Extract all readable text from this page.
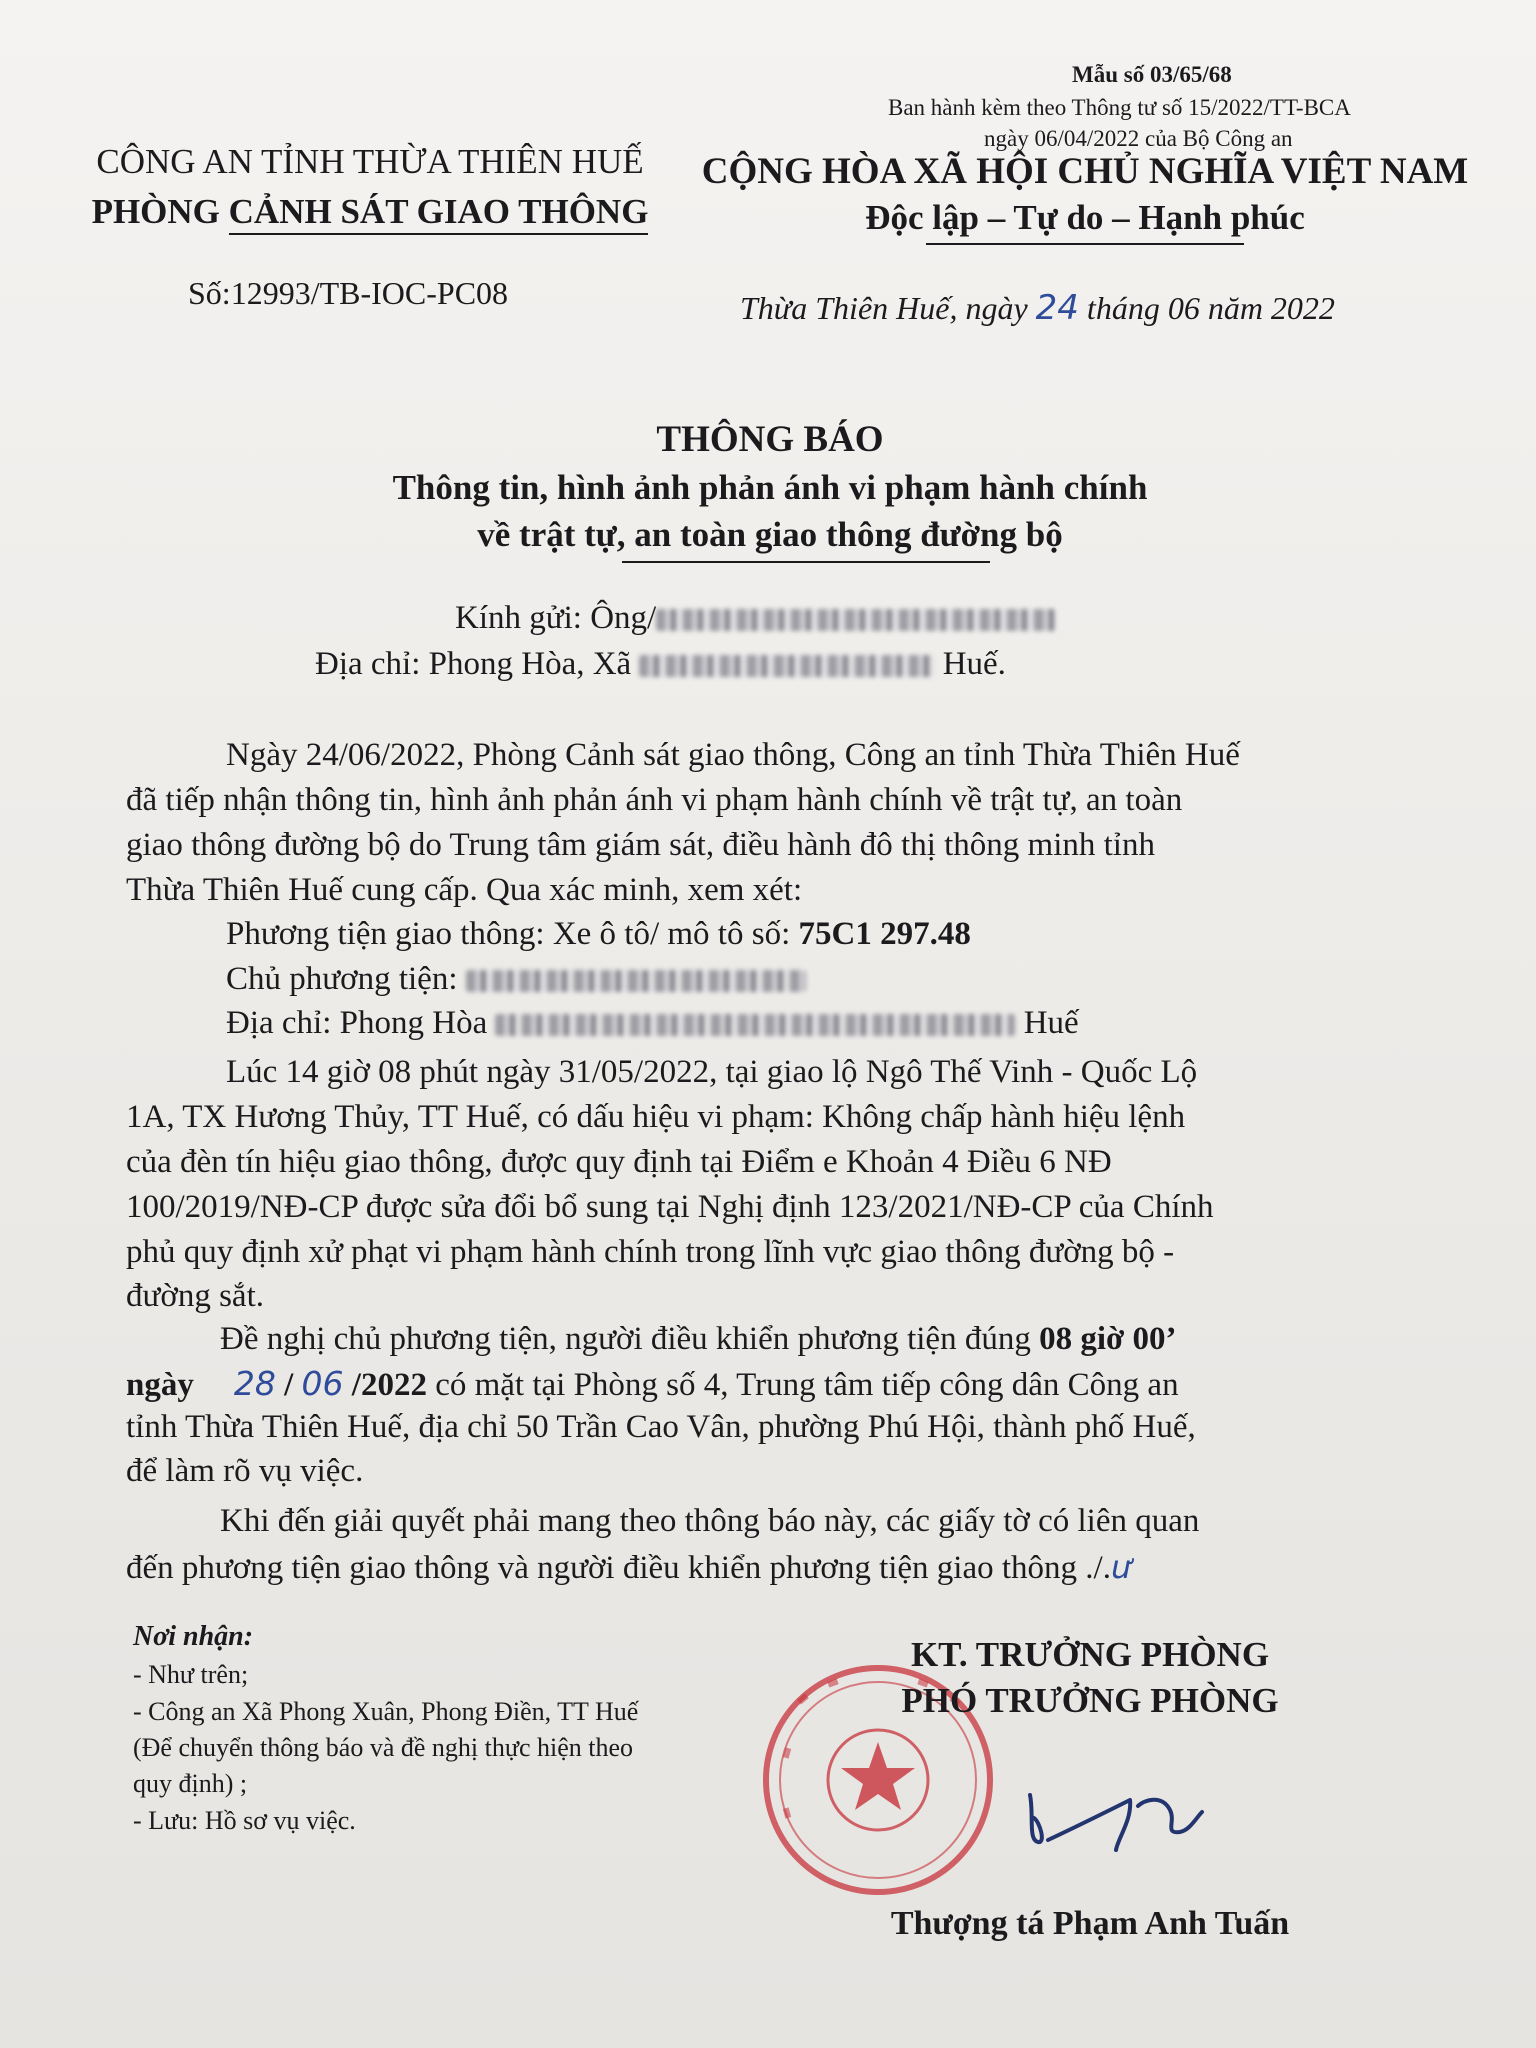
Mẫu số 03/65/68
Ban hành kèm theo Thông tư số 15/2022/TT-BCA
ngày 06/04/2022 của Bộ Công an
CÔNG AN TỈNH THỪA THIÊN HUẾ
PHÒNG CẢNH SÁT GIAO THÔNG
Số:12993/TB-IOC-PC08
CỘNG HÒA XÃ HỘI CHỦ NGHĨA VIỆT NAM
Độc lập – Tự do – Hạnh phúc
Thừa Thiên Huế, ngày 24 tháng 06 năm 2022
THÔNG BÁO
Thông tin, hình ảnh phản ánh vi phạm hành chính
về trật tự, an toàn giao thông đường bộ
Kính gửi: Ông/
Địa chỉ: Phong Hòa, Xã	Huế.
Ngày 24/06/2022, Phòng Cảnh sát giao thông, Công an tỉnh Thừa Thiên Huế
đã tiếp nhận thông tin, hình ảnh phản ánh vi phạm hành chính về trật tự, an toàn
giao thông đường bộ do Trung tâm giám sát, điều hành đô thị thông minh tỉnh
Thừa Thiên Huế cung cấp. Qua xác minh, xem xét:
Phương tiện giao thông: Xe ô tô/ mô tô số: 75C1 297.48
Chủ phương tiện:
Địa chỉ: Phong Hòa	Huế
Lúc 14 giờ 08 phút ngày 31/05/2022, tại giao lộ Ngô Thế Vinh - Quốc Lộ
1A, TX Hương Thủy, TT Huế, có dấu hiệu vi phạm: Không chấp hành hiệu lệnh
của đèn tín hiệu giao thông, được quy định tại Điểm e Khoản 4 Điều 6 NĐ
100/2019/NĐ-CP được sửa đổi bổ sung tại Nghị định 123/2021/NĐ-CP của Chính
phủ quy định xử phạt vi phạm hành chính trong lĩnh vực giao thông đường bộ -
đường sắt.
Đề nghị chủ phương tiện, người điều khiển phương tiện đúng 08 giờ 00’
ngày 28 / 06 /2022 có mặt tại Phòng số 4, Trung tâm tiếp công dân Công an
tỉnh Thừa Thiên Huế, địa chỉ 50 Trần Cao Vân, phường Phú Hội, thành phố Huế,
để làm rõ vụ việc.
Khi đến giải quyết phải mang theo thông báo này, các giấy tờ có liên quan
đến phương tiện giao thông và người điều khiển phương tiện giao thông ./.ư
Nơi nhận:
- Như trên;
- Công an Xã Phong Xuân, Phong Điền, TT Huế
(Để chuyển thông báo và đề nghị thực hiện theo
quy định) ;
- Lưu: Hồ sơ vụ việc.
KT. TRƯỞNG PHÒNG
PHÓ TRƯỞNG PHÒNG
Thượng tá Phạm Anh Tuấn
